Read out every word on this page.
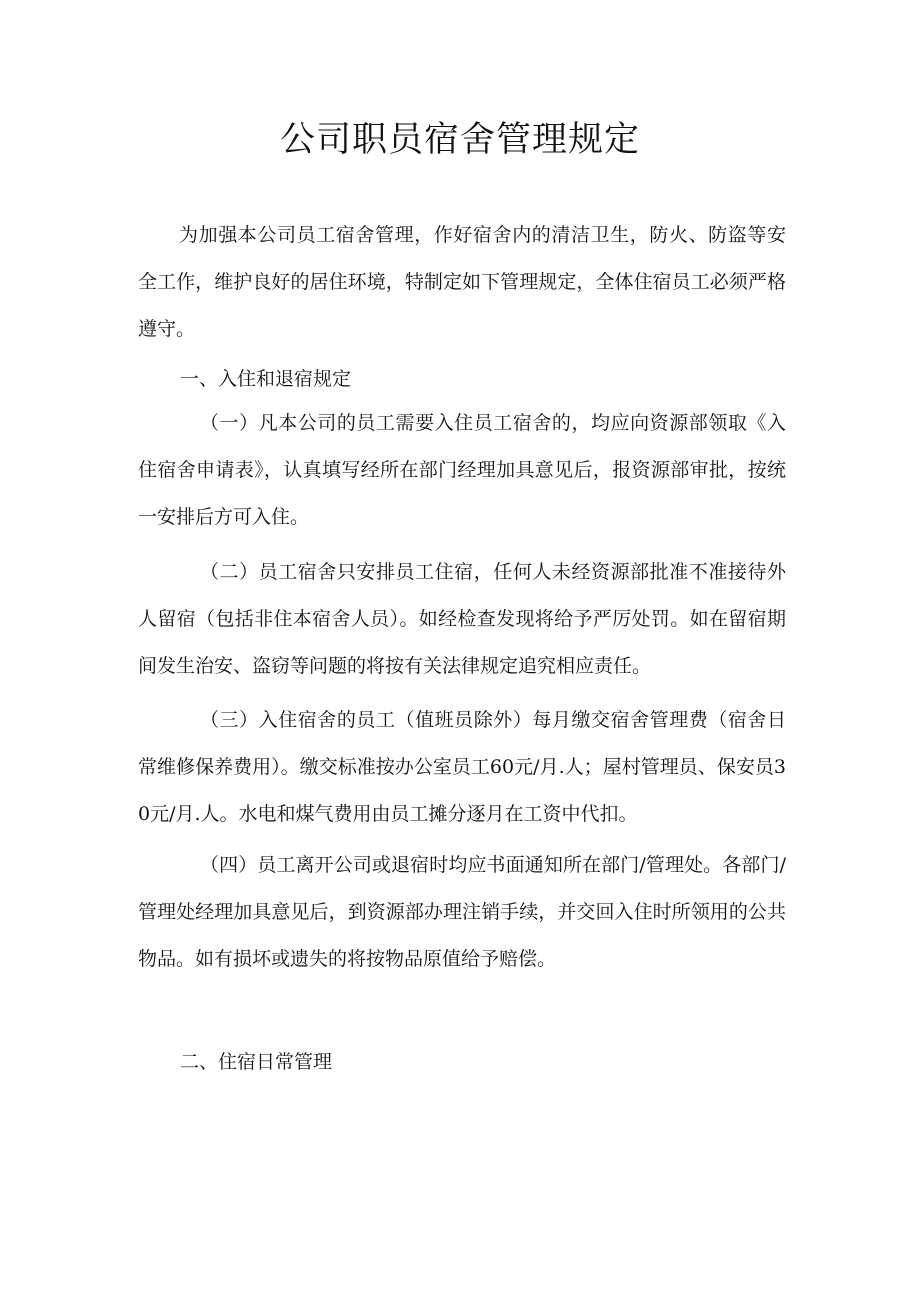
公司职员宿舍管理规定

为加强本公司员工宿舍管理，作好宿舍内的清洁卫生，防火、防盗等安全工作，维护良好的居住环境，特制定如下管理规定，全体住宿员工必须严格遵守。

一、入住和退宿规定

（一）凡本公司的员工需要入住员工宿舍的，均应向资源部领取《入住宿舍申请表》，认真填写经所在部门经理加具意见后，报资源部审批，按统一安排后方可入住。

（二）员工宿舍只安排员工住宿，任何人未经资源部批准不准接待外人留宿（包括非住本宿舍人员）。如经检查发现将给予严厉处罚。如在留宿期间发生治安、盗窃等问题的将按有关法律规定追究相应责任。

（三）入住宿舍的员工（值班员除外）每月缴交宿舍管理费（宿舍日常维修保养费用）。缴交标准按办公室员工60元/月.人；屋村管理员、保安员30元/月.人。水电和煤气费用由员工摊分逐月在工资中代扣。

（四）员工离开公司或退宿时均应书面通知所在部门/管理处。各部门/管理处经理加具意见后，到资源部办理注销手续，并交回入住时所领用的公共物品。如有损坏或遗失的将按物品原值给予赔偿。

二、住宿日常管理
